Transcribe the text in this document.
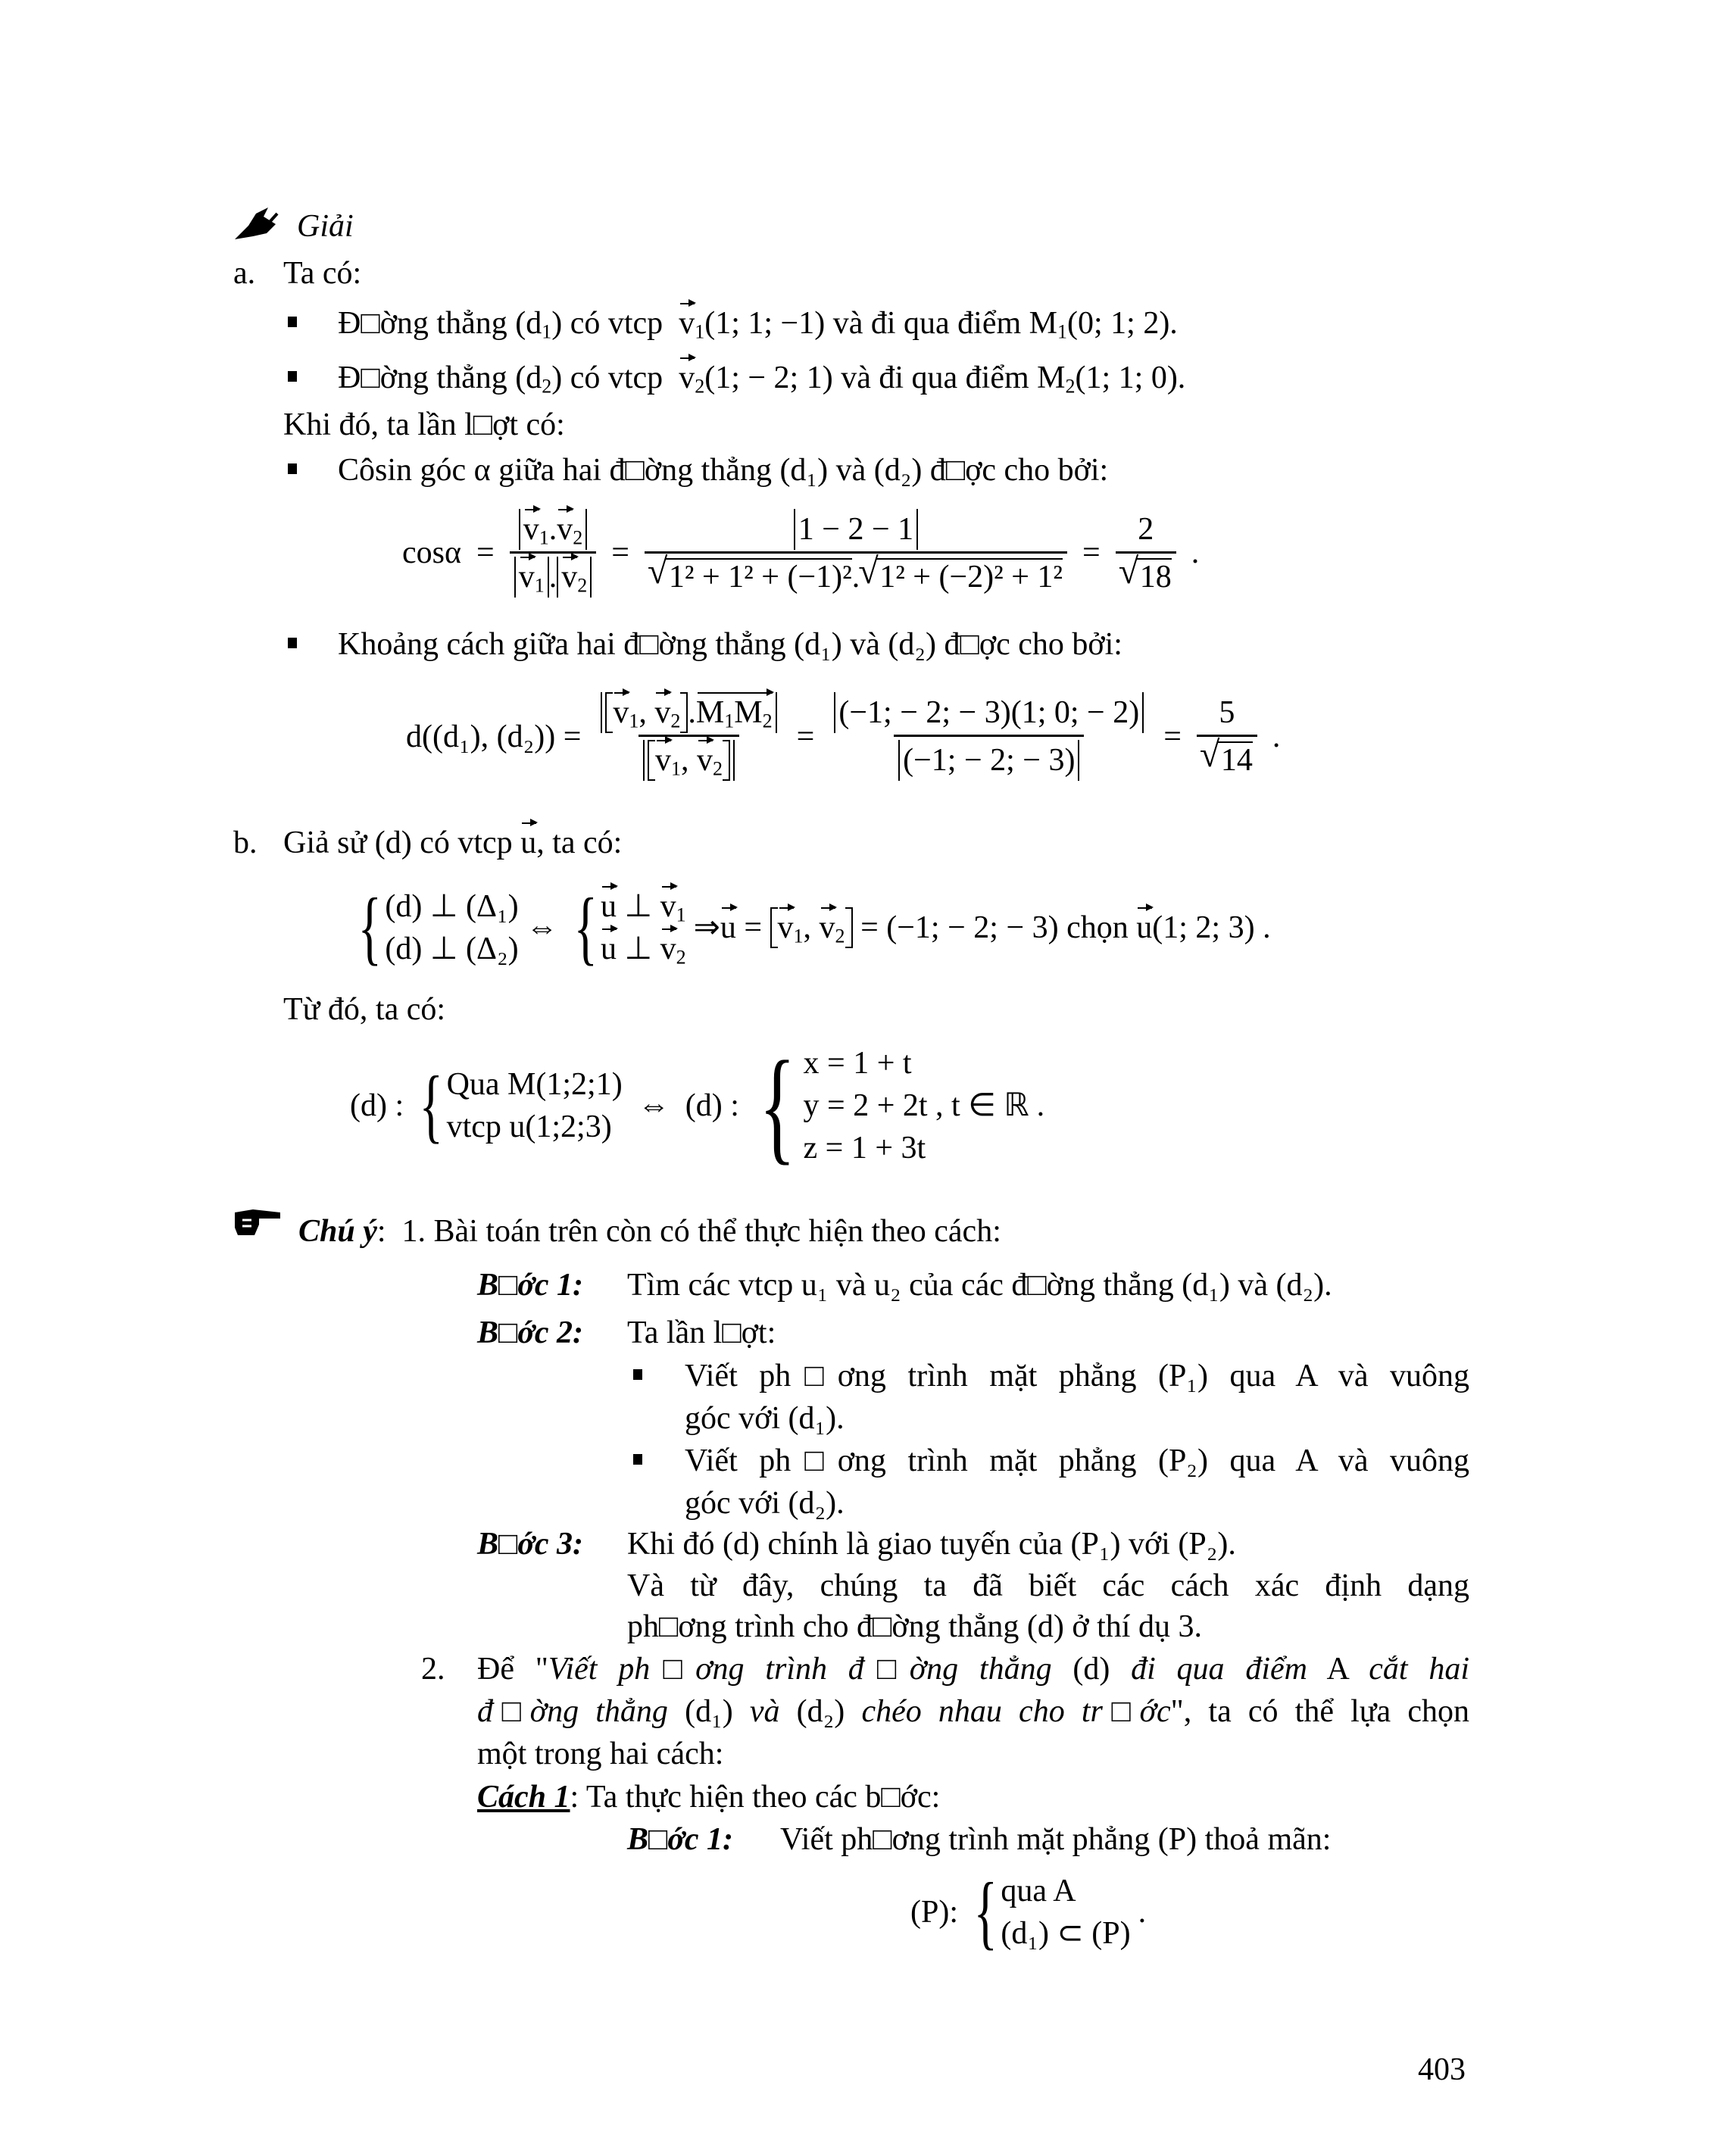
Giải
a. Ta có:
Đ□ờng thẳng $(d_1)$ có vtcp $v_1(1$; 1; −1) và đi qua điểm $M_1(0$; 1; 2).
Đ□ờng thẳng $(d_2)$ có vtcp $v_2(1$; − 2; 1) và đi qua điểm $M_2(1$; 1; 0).
Khi đó, ta lần l□ợt có:
Côsin góc α giữa hai đ□ờng thẳng (d₁) và (d₂) đ□ợc cho bởi:
$\cos\alpha = \frac{v_1.v_2}{v_1 . v_2} = 1 - 2 - 1$
√ 1² + 1² + (−1)². √ 1² + (−2)² + 1² = 2
√ 18 .
Khoảng cách giữa hai đ□ờng thẳng (d₁) và (d₂) đ□ợc cho bởi:
d((d₁), $(d_2)) = \frac{v_1, v_2 .M_1M_2}{v_1, v_2} = \frac{(-1; - 2; - 3)(1; 0; - 2)}{(-1; - 2; - 3)} = 5$
√ 14 .
b. Giả sử (d) có vtcp u, ta có:
{ (d) ⊥ (Δ₁)
(d) ⊥ (Δ₂)
⇔ { u ⊥ $v_1$
u ⊥ $v_2$
⇒u = $v_1$, $v_2 = (-1$; − 2; − 3) chọn u(1; 2; 3) .
Từ đó, ta có:
(d) : { Qua M(1;2;1)
vtcp u(1;2;3)
⇔ (d) : { x = 1 + t
y = 2 + 2t , t ∈ ℝ
z = 1 + 3t
.
Chú ý:  1. Bài toán trên còn có thể thực hiện theo cách:
B□ớc 1: Tìm các vtcp u₁ và u₂ của các đ□ờng thẳng (d₁) và (d₂).
B□ớc 2: Ta lần l□ợt:
Viết ph□ơng trình mặt phẳng (P₁) qua A và vuông
góc với (d₁).
Viết ph□ơng trình mặt phẳng (P₂) qua A và vuông
góc với (d₂).
B□ớc 3: Khi đó (d) chính là giao tuyến của (P₁) với (P₂).
Và từ đây, chúng ta đã biết các cách xác định dạng
ph□ơng trình cho đ□ờng thẳng (d) ở thí dụ 3.
2. Để "Viết ph□ơng trình đ□ờng thẳng (d) đi qua điểm A cắt hai
đ□ờng thẳng (d₁) và (d₂) chéo nhau cho tr□ớc", ta có thể lựa chọn
một trong hai cách:
Cách 1: Ta thực hiện theo các b□ớc:
B□ớc 1: Viết ph□ơng trình mặt phẳng (P) thoả mãn:
(P): { qua A
(d₁) ⊂ (P)
.
403
